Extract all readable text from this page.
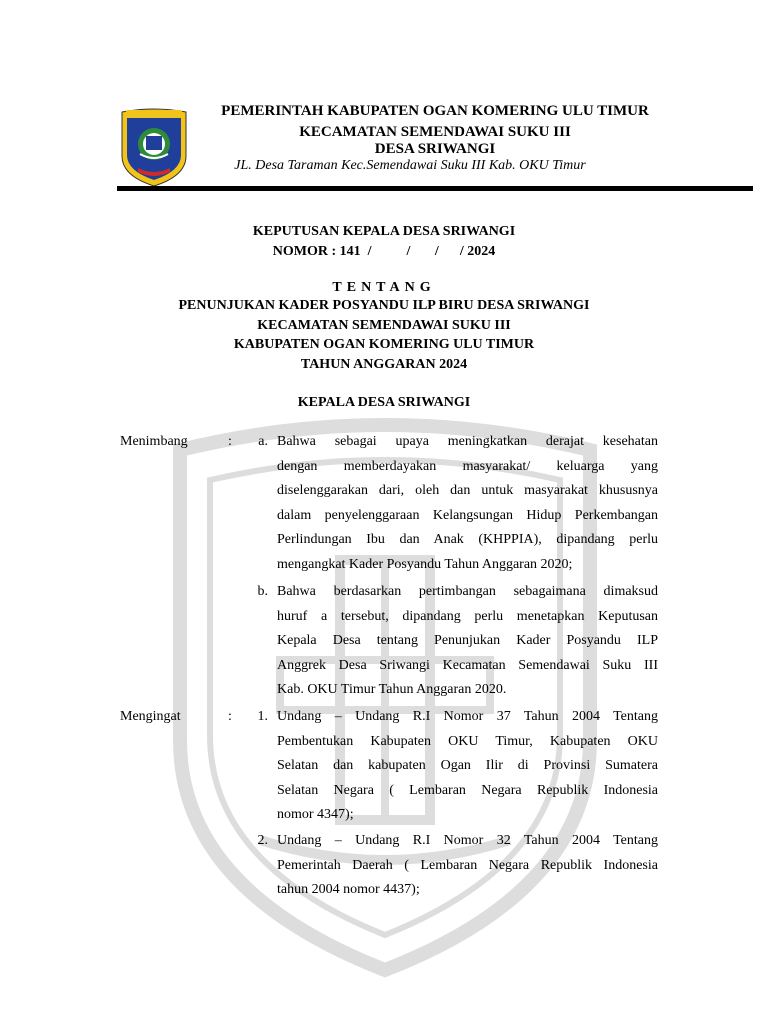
PEMERINTAH KABUPATEN OGAN KOMERING ULU TIMUR
KECAMATAN SEMENDAWAI SUKU III
DESA SRIWANGI
JL. Desa Taraman Kec.Semendawai Suku III Kab. OKU Timur
KEPUTUSAN KEPALA DESA SRIWANGI
NOMOR : 141  /          /       /      / 2024
TENTANG
PENUNJUKAN KADER POSYANDU ILP BIRU DESA SRIWANGI
KECAMATAN SEMENDAWAI SUKU III
KABUPATEN OGAN KOMERING ULU TIMUR
TAHUN ANGGARAN 2024
KEPALA DESA SRIWANGI
Menimbang	:	a. Bahwa sebagai upaya meningkatkan derajat kesehatan
dengan memberdayakan masyarakat/ keluarga yang
diselenggarakan dari, oleh dan untuk masyarakat khususnya
dalam penyelenggaraan Kelangsungan Hidup Perkembangan
Perlindungan Ibu dan Anak (KHPPIA), dipandang perlu
mengangkat Kader Posyandu Tahun Anggaran 2020;
b. Bahwa berdasarkan pertimbangan sebagaimana dimaksud
huruf a tersebut, dipandang perlu menetapkan Keputusan
Kepala Desa tentang Penunjukan Kader Posyandu ILP
Anggrek Desa Sriwangi Kecamatan Semendawai Suku III
Kab. OKU Timur Tahun Anggaran 2020.
Mengingat	:	1. Undang – Undang R.I Nomor 37 Tahun 2004 Tentang
Pembentukan Kabupaten OKU Timur, Kabupaten OKU
Selatan dan kabupaten Ogan Ilir di Provinsi Sumatera
Selatan Negara ( Lembaran Negara Republik Indonesia
nomor 4347);
2. Undang – Undang R.I Nomor 32 Tahun 2004 Tentang
Pemerintah Daerah ( Lembaran Negara Republik Indonesia
tahun 2004 nomor 4437);
